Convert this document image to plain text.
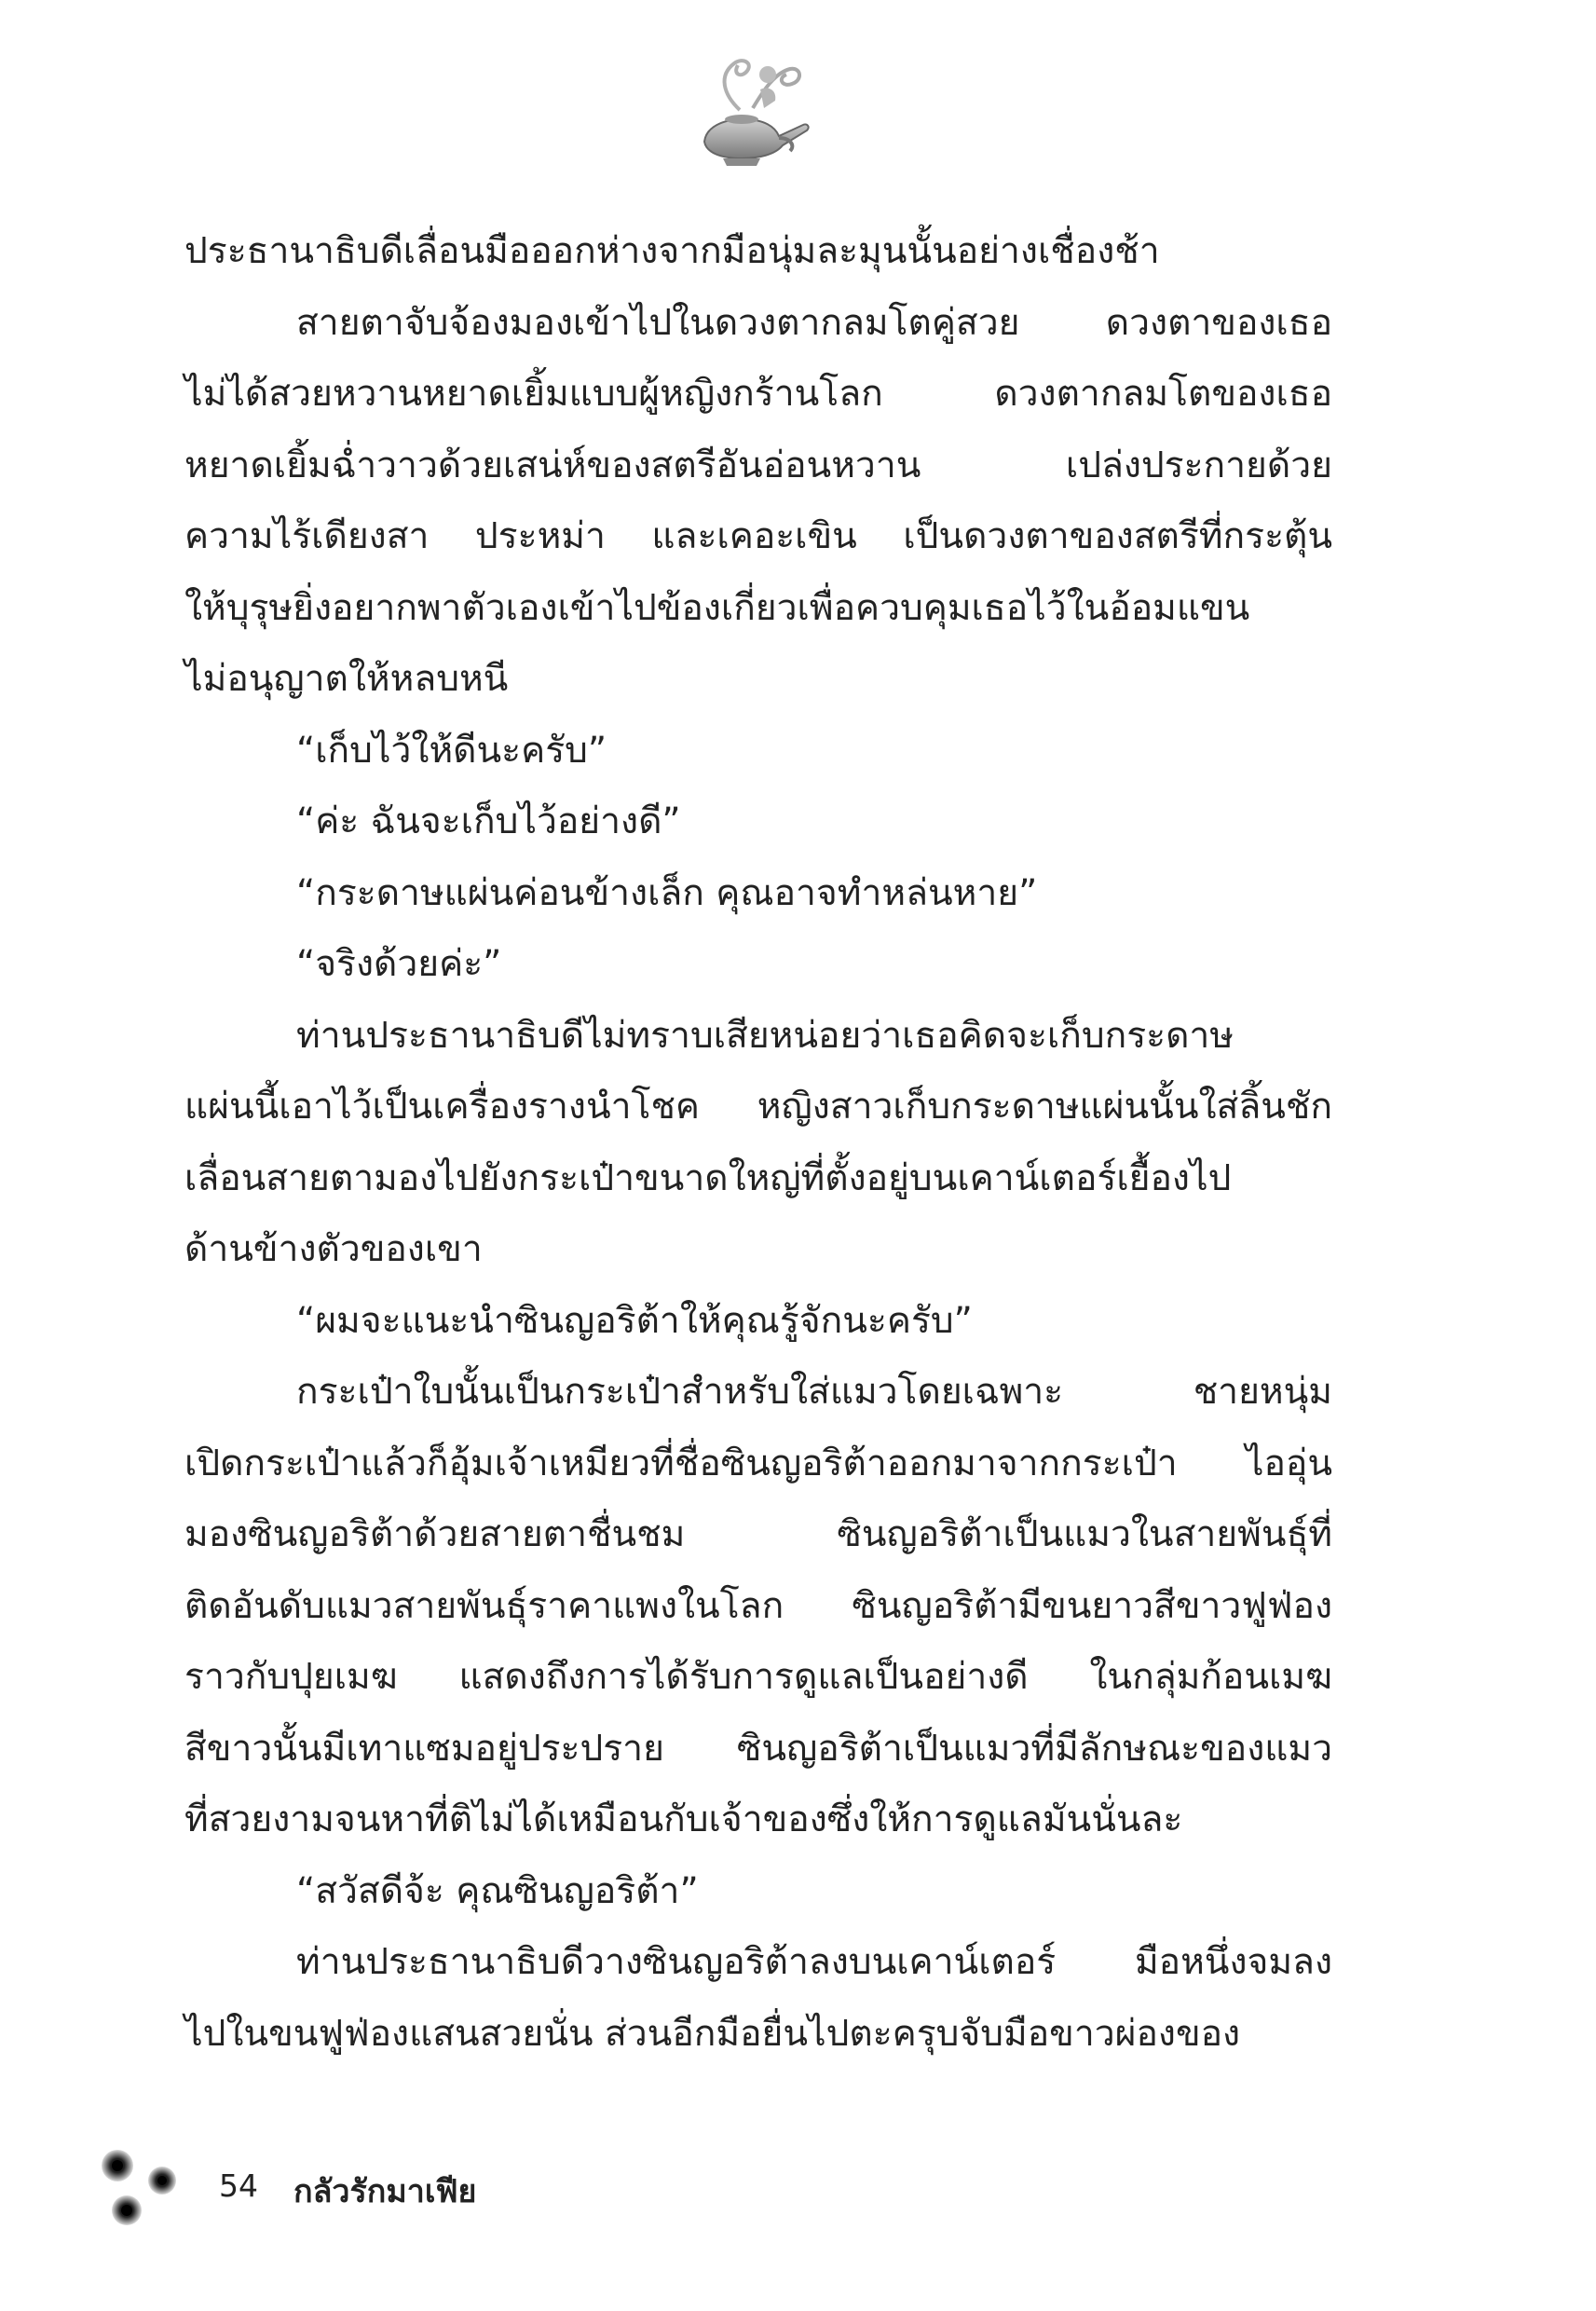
ประธานาธิบดีเลื่อนมือออกห่างจากมือนุ่มละมุนนั้นอย่างเชื่องช้า
สายตาจับจ้องมองเข้าไปในดวงตากลมโตคู่สวย ดวงตาของเธอ
ไม่ได้สวยหวานหยาดเยิ้มแบบผู้หญิงกร้านโลก ดวงตากลมโตของเธอ
หยาดเยิ้มฉ่ำวาวด้วยเสน่ห์ของสตรีอันอ่อนหวาน เปล่งประกายด้วย
ความไร้เดียงสา ประหม่า และเคอะเขิน เป็นดวงตาของสตรีที่กระตุ้น
ให้บุรุษยิ่งอยากพาตัวเองเข้าไปข้องเกี่ยวเพื่อควบคุมเธอไว้ในอ้อมแขน
ไม่อนุญาตให้หลบหนี
“เก็บไว้ให้ดีนะครับ”
“ค่ะ ฉันจะเก็บไว้อย่างดี”
“กระดาษแผ่นค่อนข้างเล็ก คุณอาจทำหล่นหาย”
“จริงด้วยค่ะ”
ท่านประธานาธิบดีไม่ทราบเสียหน่อยว่าเธอคิดจะเก็บกระดาษ
แผ่นนี้เอาไว้เป็นเครื่องรางนำโชค หญิงสาวเก็บกระดาษแผ่นนั้นใส่ลิ้นชัก
เลื่อนสายตามองไปยังกระเป๋าขนาดใหญ่ที่ตั้งอยู่บนเคาน์เตอร์เยื้องไป
ด้านข้างตัวของเขา
“ผมจะแนะนำซินญอริต้าให้คุณรู้จักนะครับ”
กระเป๋าใบนั้นเป็นกระเป๋าสำหรับใส่แมวโดยเฉพาะ ชายหนุ่ม
เปิดกระเป๋าแล้วก็อุ้มเจ้าเหมียวที่ชื่อซินญอริต้าออกมาจากกระเป๋า ไออุ่น
มองซินญอริต้าด้วยสายตาชื่นชม ซินญอริต้าเป็นแมวในสายพันธุ์ที่
ติดอันดับแมวสายพันธุ์ราคาแพงในโลก ซินญอริต้ามีขนยาวสีขาวฟูฟ่อง
ราวกับปุยเมฆ แสดงถึงการได้รับการดูแลเป็นอย่างดี ในกลุ่มก้อนเมฆ
สีขาวนั้นมีเทาแซมอยู่ประปราย ซินญอริต้าเป็นแมวที่มีลักษณะของแมว
ที่สวยงามจนหาที่ติไม่ได้เหมือนกับเจ้าของซึ่งให้การดูแลมันนั่นละ
“สวัสดีจ้ะ คุณซินญอริต้า”
ท่านประธานาธิบดีวางซินญอริต้าลงบนเคาน์เตอร์ มือหนึ่งจมลง
ไปในขนฟูฟ่องแสนสวยนั่น ส่วนอีกมือยื่นไปตะครุบจับมือขาวผ่องของ
54 กลัวรักมาเฟีย
